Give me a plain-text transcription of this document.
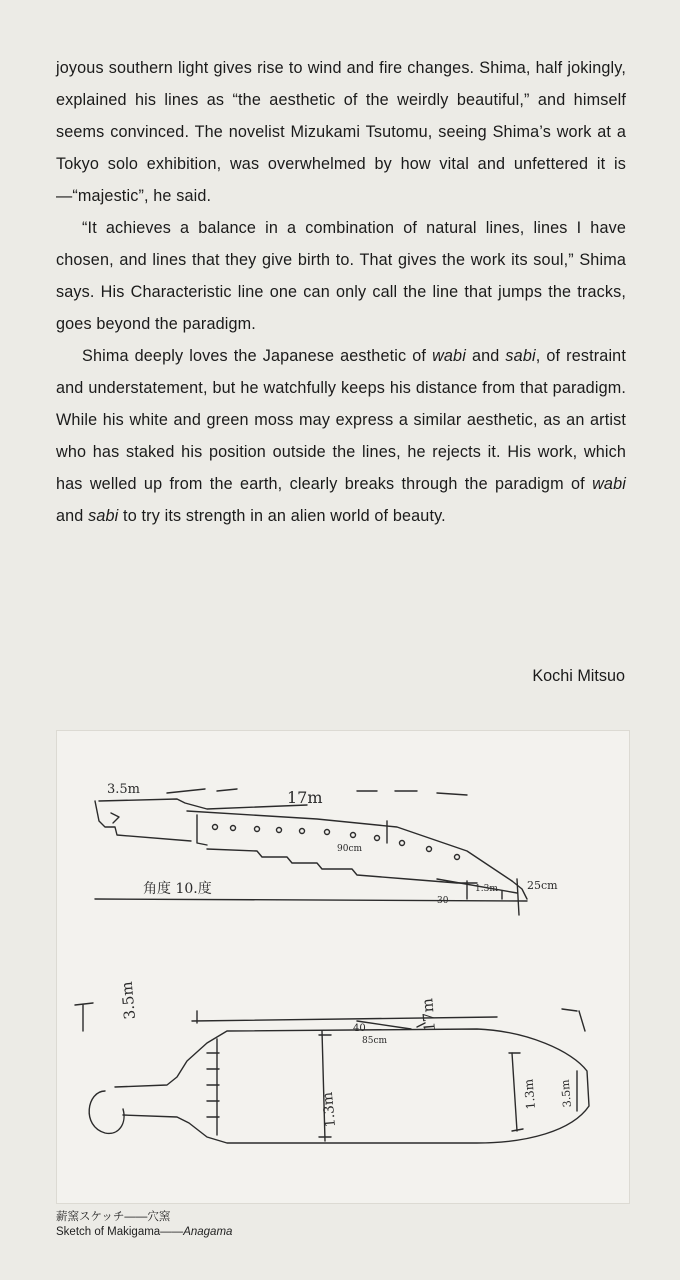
joyous southern light gives rise to wind and fire changes. Shima, half jokingly, explained his lines as “the aesthetic of the weirdly beautiful,” and himself seems convinced. The novelist Mizukami Tsutomu, seeing Shima’s work at a Tokyo solo exhibition, was overwhelmed by how vital and unfettered it is—“majestic”, he said.

“It achieves a balance in a combination of natural lines, lines I have chosen, and lines that they give birth to. That gives the work its soul,” Shima says. His Characteristic line one can only call the line that jumps the tracks, goes beyond the paradigm.

Shima deeply loves the Japanese aesthetic of wabi and sabi, of restraint and understatement, but he watchfully keeps his distance from that paradigm. While his white and green moss may express a similar aesthetic, as an artist who has staked his position outside the lines, he rejects it. His work, which has welled up from the earth, clearly breaks through the paradigm of wabi and sabi to try its strength in an alien world of beauty.

Kochi Mitsuo
3.5m	17m
角度 10.度
90cm
25cm
1.3m
30
3.5m	17m
40
85cm
1.3m	1.3m 3.5m
薪窯スケッチ――穴窯
Sketch of Makigama――Anagama
